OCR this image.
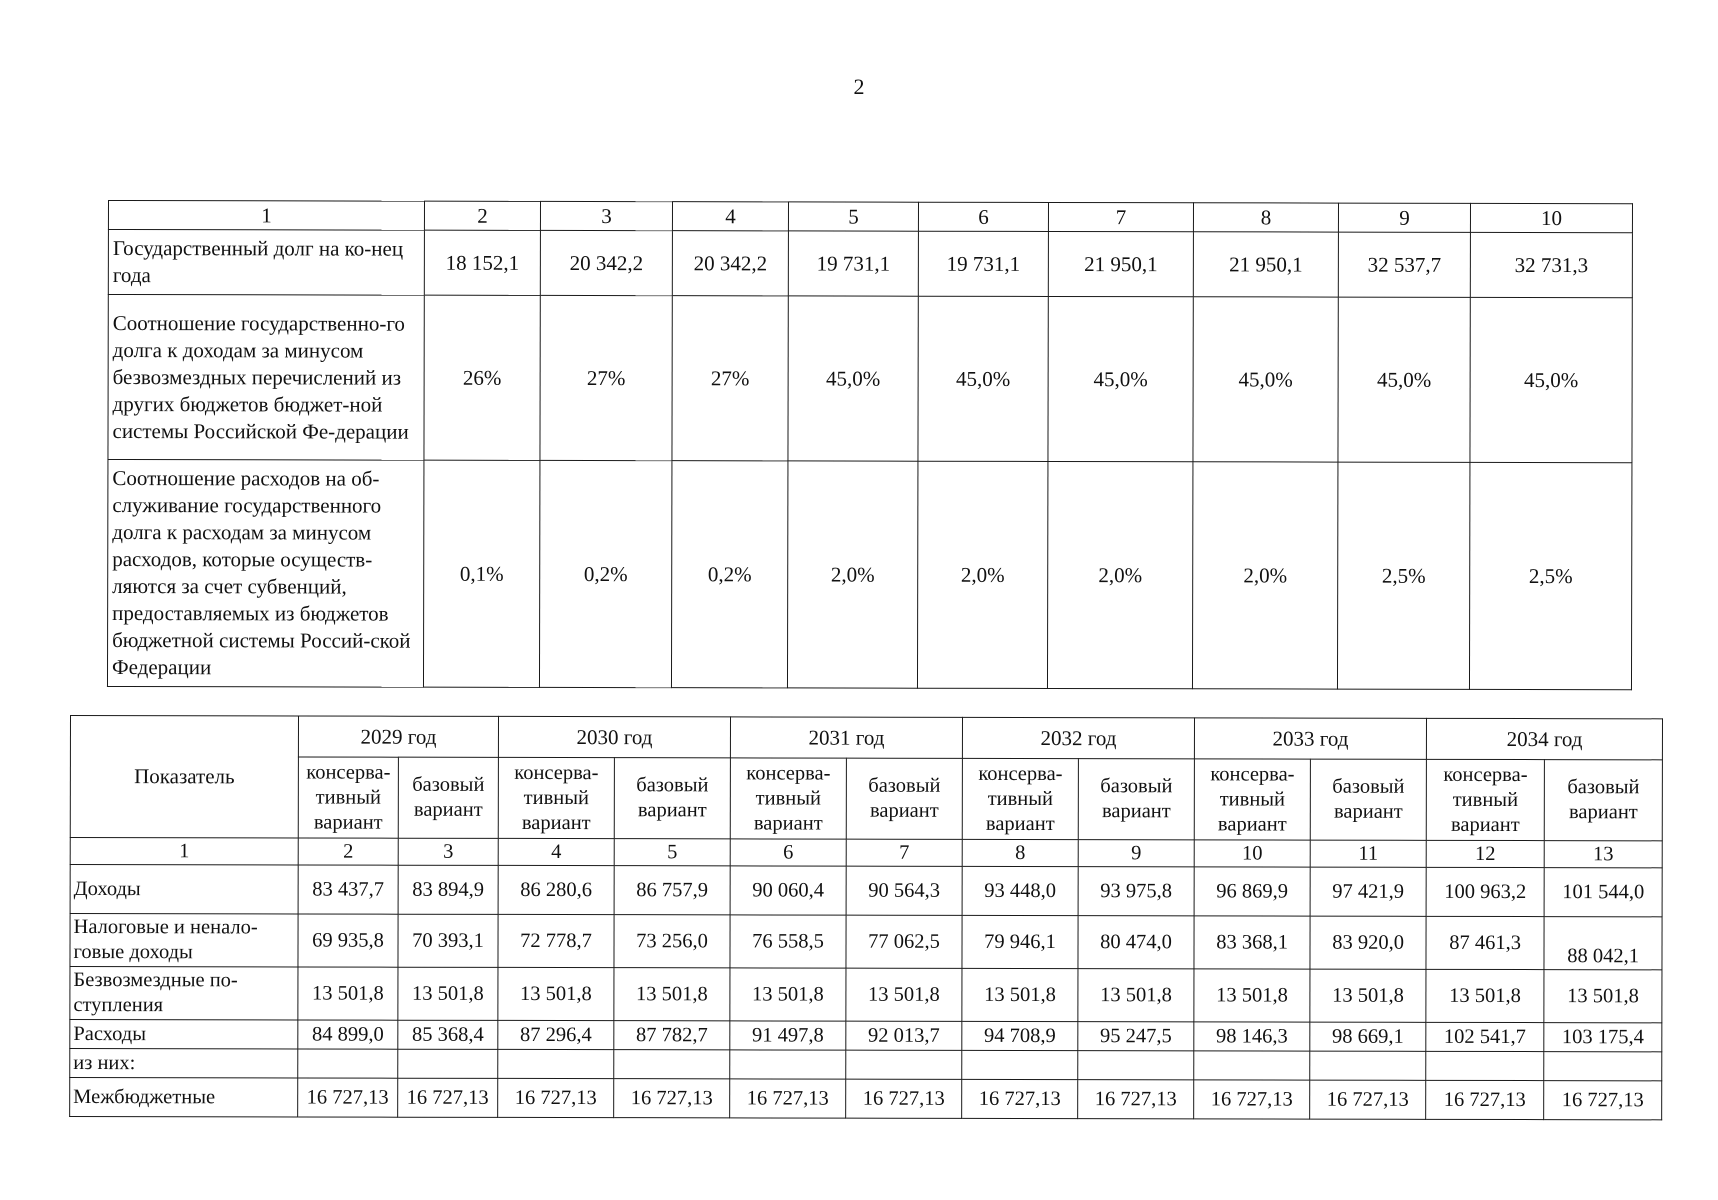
2
1	2	3	4	5	6	7	8	9	10
Государственный долг на ко-нец года	18 152,1	20 342,2	20 342,2	19 731,1	19 731,1	21 950,1	21 950,1	32 537,7	32 731,3
Соотношение государственно-го долга к доходам за минусом безвозмездных перечислений из других бюджетов бюджет-ной системы Российской Фе-дерации	26%	27%	27%	45,0%	45,0%	45,0%	45,0%	45,0%	45,0%
Соотношение расходов на об-служивание государственного долга к расходам за минусом расходов, которые осуществ-ляются за счет субвенций, предоставляемых из бюджетов бюджетной системы Россий-ской Федерации	0,1%	0,2%	0,2%	2,0%	2,0%	2,0%	2,0%	2,5%	2,5%
Показатель	2029 год		2030 год		2031 год		2032 год		2033 год		2034 год	
	консерва-тивный вариант	базовый вариант	консерва-тивный вариант	базовый вариант	консерва-тивный вариант	базовый вариант	консерва-тивный вариант	базовый вариант	консерва-тивный вариант	базовый вариант	консерва-тивный вариант	базовый вариант
1	2	3	4	5	6	7	8	9	10	11	12	13
Доходы	83 437,7	83 894,9	86 280,6	86 757,9	90 060,4	90 564,3	93 448,0	93 975,8	96 869,9	97 421,9	100 963,2	101 544,0
Налоговые и ненало-говые доходы	69 935,8	70 393,1	72 778,7	73 256,0	76 558,5	77 062,5	79 946,1	80 474,0	83 368,1	83 920,0	87 461,3	88 042,1
Безвозмездные по-ступления	13 501,8	13 501,8	13 501,8	13 501,8	13 501,8	13 501,8	13 501,8	13 501,8	13 501,8	13 501,8	13 501,8	13 501,8
Расходы	84 899,0	85 368,4	87 296,4	87 782,7	91 497,8	92 013,7	94 708,9	95 247,5	98 146,3	98 669,1	102 541,7	103 175,4
из них:												
Межбюджетные	16 727,13	16 727,13	16 727,13	16 727,13	16 727,13	16 727,13	16 727,13	16 727,13	16 727,13	16 727,13	16 727,13	16 727,13
